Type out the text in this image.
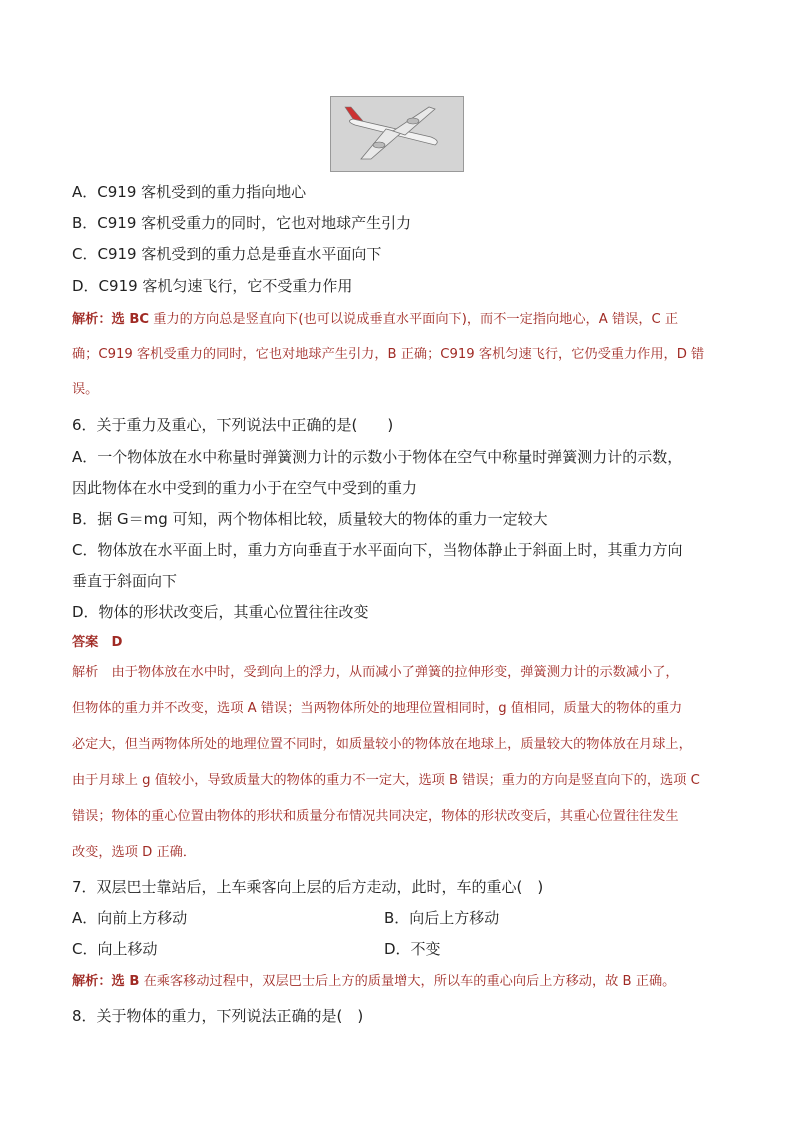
A．C919 客机受到的重力指向地心
B．C919 客机受重力的同时，它也对地球产生引力
C．C919 客机受到的重力总是垂直水平面向下
D．C919 客机匀速飞行，它不受重力作用
解析：选 BC 重力的方向总是竖直向下(也可以说成垂直水平面向下)，而不一定指向地心，A 错误，C 正
确；C919 客机受重力的同时，它也对地球产生引力，B 正确；C919 客机匀速飞行，它仍受重力作用，D 错
误。
6．关于重力及重心，下列说法中正确的是(　　)
A．一个物体放在水中称量时弹簧测力计的示数小于物体在空气中称量时弹簧测力计的示数，
因此物体在水中受到的重力小于在空气中受到的重力
B．据 G＝mg 可知，两个物体相比较，质量较大的物体的重力一定较大
C．物体放在水平面上时，重力方向垂直于水平面向下，当物体静止于斜面上时，其重力方向
垂直于斜面向下
D．物体的形状改变后，其重心位置往往改变
答案　D
解析　由于物体放在水中时，受到向上的浮力，从而减小了弹簧的拉伸形变，弹簧测力计的示数减小了，
但物体的重力并不改变，选项 A 错误；当两物体所处的地理位置相同时，g 值相同，质量大的物体的重力
必定大，但当两物体所处的地理位置不同时，如质量较小的物体放在地球上，质量较大的物体放在月球上，
由于月球上 g 值较小，导致质量大的物体的重力不一定大，选项 B 错误；重力的方向是竖直向下的，选项 C
错误；物体的重心位置由物体的形状和质量分布情况共同决定，物体的形状改变后，其重心位置往往发生
改变，选项 D 正确．
7．双层巴士靠站后，上车乘客向上层的后方走动，此时，车的重心(　)
A．向前上方移动	B．向后上方移动
C．向上移动	D．不变
解析：选 B 在乘客移动过程中，双层巴士后上方的质量增大，所以车的重心向后上方移动，故 B 正确。
8．关于物体的重力，下列说法正确的是(　)
